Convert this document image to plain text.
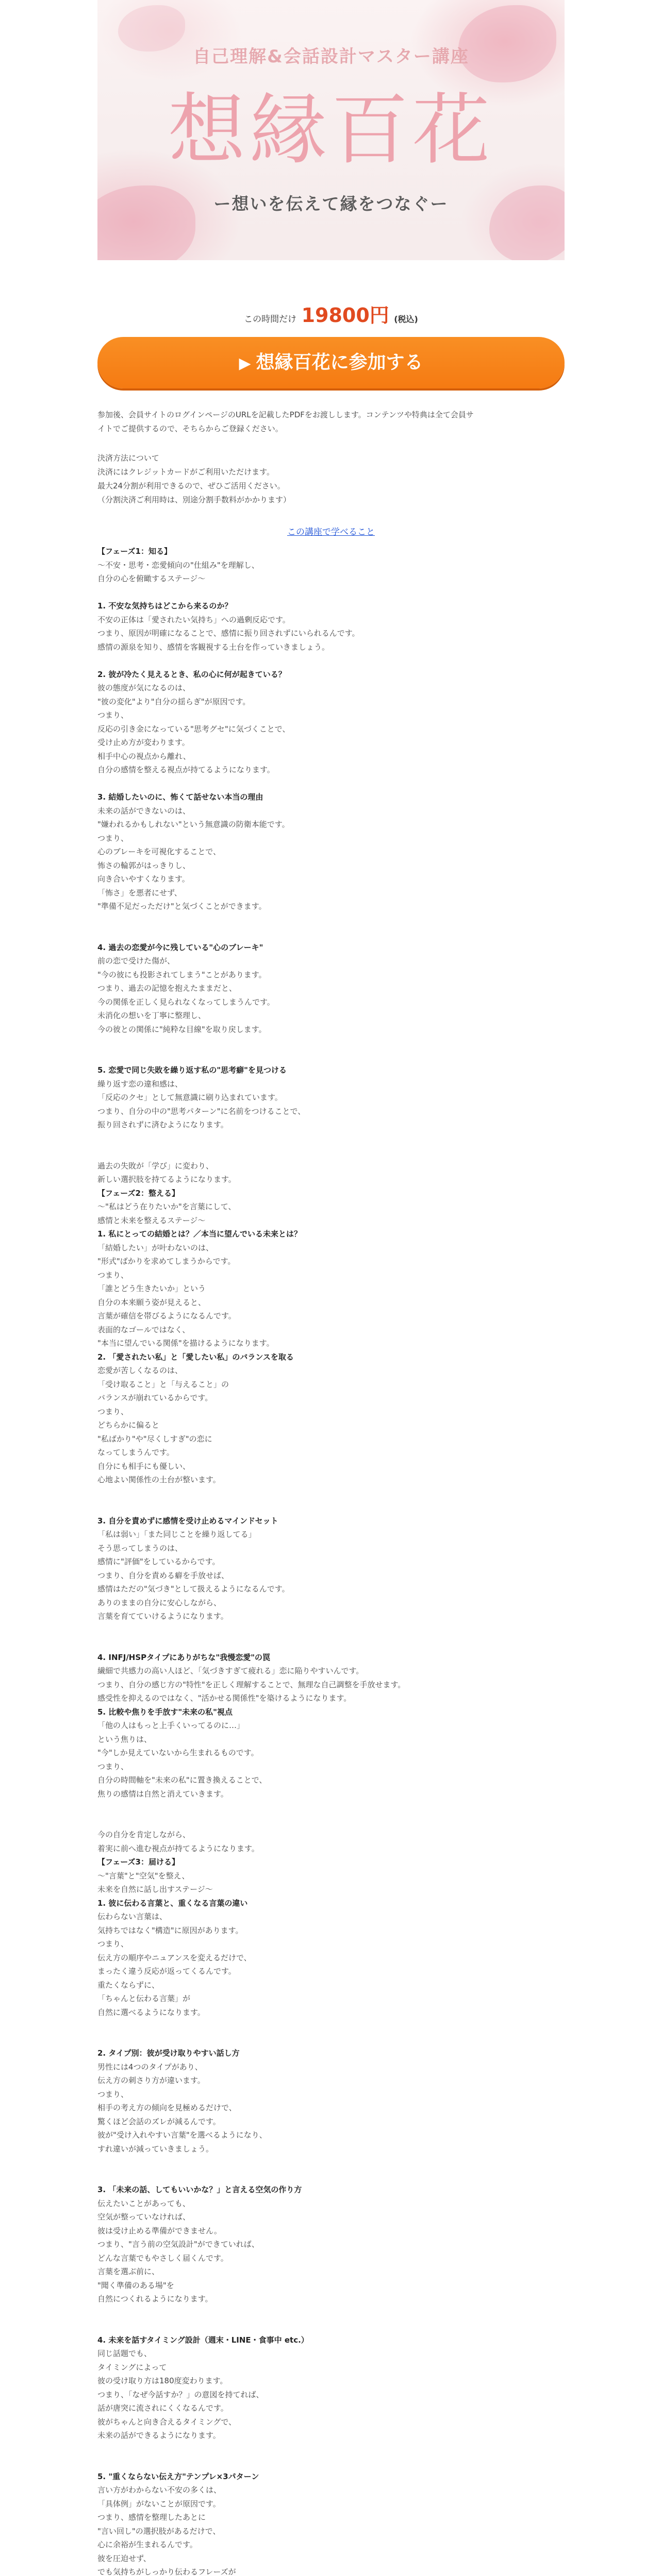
自己理解&会話設計マスター講座
想縁百花
ー想いを伝えて縁をつなぐー
この時間だけ 19800円 (税込)
▶ 想縁百花に参加する
参加後、会員サイトのログインページのURLを記載したPDFをお渡しします。コンテンツや特典は全て会員サ
イトでご提供するので、そちらからご登録ください。
決済方法について
決済にはクレジットカードがご利用いただけます。
最大24分割が利用できるので、ぜひご活用ください。
（分割決済ご利用時は、別途分割手数料がかかります）
この講座で学べること
【フェーズ1：知る】
～不安・思考・恋愛傾向の"仕組み"を理解し、
自分の心を俯瞰するステージ～
1. 不安な気持ちはどこから来るのか？
不安の正体は「愛されたい気持ち」への過剰反応です。
つまり、原因が明確になることで、感情に振り回されずにいられるんです。
感情の源泉を知り、感情を客観視する土台を作っていきましょう。
2. 彼が冷たく見えるとき、私の心に何が起きている？
彼の態度が気になるのは、
"彼の変化"より"自分の揺らぎ"が原因です。
つまり、
反応の引き金になっている"思考グセ"に気づくことで、
受け止め方が変わります。
相手中心の視点から離れ、
自分の感情を整える視点が持てるようになります。
3. 結婚したいのに、怖くて話せない本当の理由
未来の話ができないのは、
"嫌われるかもしれない"という無意識の防衛本能です。
つまり、
心のブレーキを可視化することで、
怖さの輪郭がはっきりし、
向き合いやすくなります。
「怖さ」を悪者にせず、
"準備不足だっただけ"と気づくことができます。
4. 過去の恋愛が今に残している"心のブレーキ"
前の恋で受けた傷が、
"今の彼にも投影されてしまう"ことがあります。
つまり、過去の記憶を抱えたままだと、
今の関係を正しく見られなくなってしまうんです。
未消化の想いを丁寧に整理し、
今の彼との関係に"純粋な目線"を取り戻します。
5. 恋愛で同じ失敗を繰り返す私の"思考癖"を見つける
繰り返す恋の違和感は、
「反応のクセ」として無意識に刷り込まれています。
つまり、自分の中の"思考パターン"に名前をつけることで、
振り回されずに済むようになります。
過去の失敗が「学び」に変わり、
新しい選択肢を持てるようになります。
【フェーズ2：整える】
～"私はどう在りたいか"を言葉にして、
感情と未来を整えるステージ～
1. 私にとっての結婚とは？／本当に望んでいる未来とは？
「結婚したい」が叶わないのは、
"形式"ばかりを求めてしまうからです。
つまり、
「誰とどう生きたいか」という
自分の本来願う姿が見えると、
言葉が確信を帯びるようになるんです。
表面的なゴールではなく、
"本当に望んでいる関係"を描けるようになります。
2. 「愛されたい私」と「愛したい私」のバランスを取る
恋愛が苦しくなるのは、
「受け取ること」と「与えること」の
バランスが崩れているからです。
つまり、
どちらかに偏ると
"私ばかり"や"尽くしすぎ"の恋に
なってしまうんです。
自分にも相手にも優しい、
心地よい関係性の土台が整います。
3. 自分を責めずに感情を受け止めるマインドセット
「私は弱い」「また同じことを繰り返してる」
そう思ってしまうのは、
感情に"評価"をしているからです。
つまり、自分を責める癖を手放せば、
感情はただの"気づき"として扱えるようになるんです。
ありのままの自分に安心しながら、
言葉を育てていけるようになります。
4. INFJ/HSPタイプにありがちな"我慢恋愛"の罠
繊細で共感力の高い人ほど、「気づきすぎて疲れる」恋に陥りやすいんです。
つまり、自分の感じ方の"特性"を正しく理解することで、無理な自己調整を手放せます。
感受性を抑えるのではなく、"活かせる関係性"を築けるようになります。
5. 比較や焦りを手放す"未来の私"視点
「他の人はもっと上手くいってるのに…」
という焦りは、
"今"しか見えていないから生まれるものです。
つまり、
自分の時間軸を"未来の私"に置き換えることで、
焦りの感情は自然と消えていきます。
今の自分を肯定しながら、
着実に前へ進む視点が持てるようになります。
【フェーズ3：届ける】
～"言葉"と"空気"を整え、
未来を自然に話し出すステージ～
1. 彼に伝わる言葉と、重くなる言葉の違い
伝わらない言葉は、
気持ちではなく"構造"に原因があります。
つまり、
伝え方の順序やニュアンスを変えるだけで、
まったく違う反応が返ってくるんです。
重たくならずに、
「ちゃんと伝わる言葉」が
自然に選べるようになります。
2. タイプ別：彼が受け取りやすい話し方
男性には4つのタイプがあり、
伝え方の刺さり方が違います。
つまり、
相手の考え方の傾向を見極めるだけで、
驚くほど会話のズレが減るんです。
彼が"受け入れやすい言葉"を選べるようになり、
すれ違いが減っていきましょう。
3. 「未来の話、してもいいかな？」と言える空気の作り方
伝えたいことがあっても、
空気が整っていなければ、
彼は受け止める準備ができません。
つまり、"言う前の空気設計"ができていれば、
どんな言葉でもやさしく届くんです。
言葉を選ぶ前に、
"聞く準備のある場"を
自然につくれるようになります。
4. 未来を話すタイミング設計（週末・LINE・食事中 etc.）
同じ話題でも、
タイミングによって
彼の受け取り方は180度変わります。
つまり、「なぜ今話すか？」の意図を持てれば、
話が唐突に流されにくくなるんです。
彼がちゃんと向き合えるタイミングで、
未来の話ができるようになります。
5. "重くならない伝え方"テンプレ×3パターン
言い方がわからない不安の多くは、
「具体例」がないことが原因です。
つまり、感情を整理したあとに
"言い回し"の選択肢があるだけで、
心に余裕が生まれるんです。
彼を圧迫せず、
でも気持ちがしっかり伝わるフレーズが
